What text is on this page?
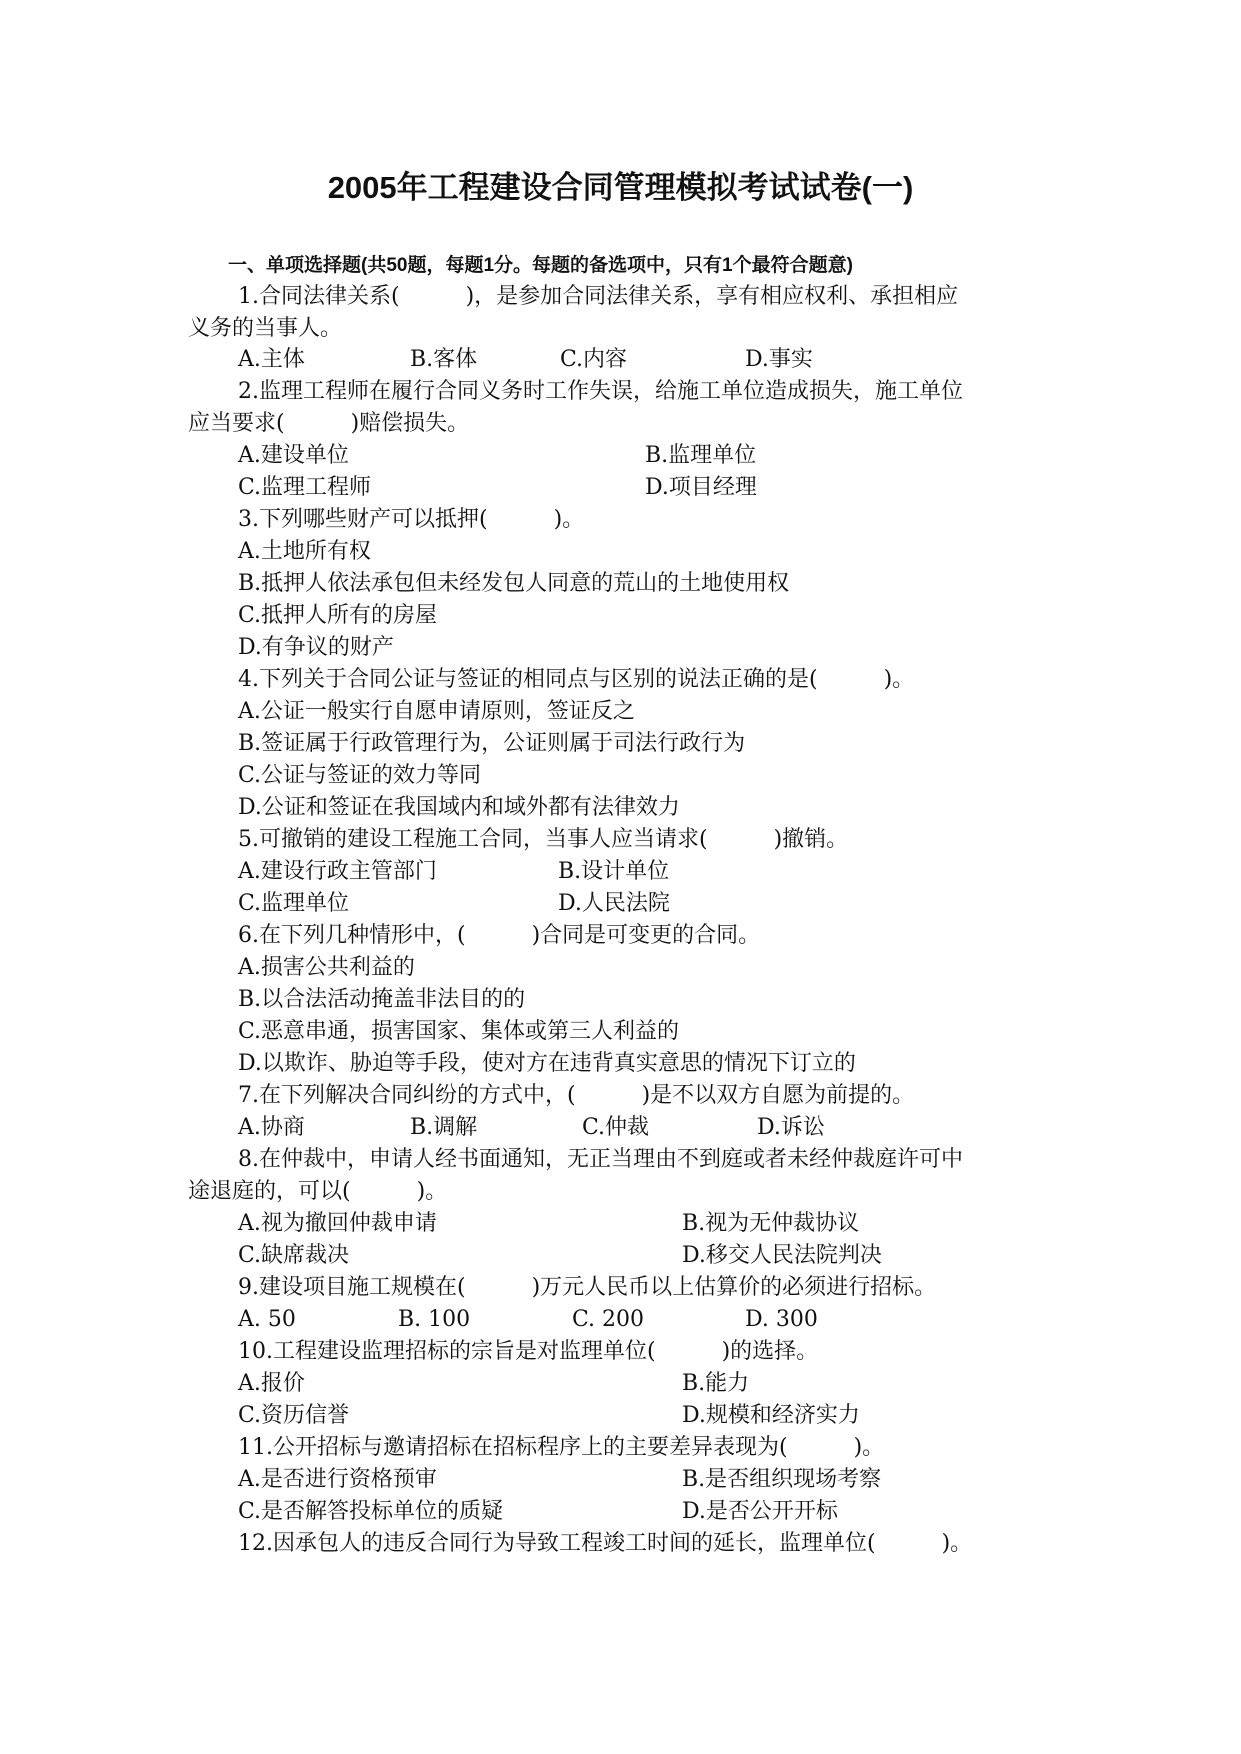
2005年工程建设合同管理模拟考试试卷(一)
一、单项选择题(共50题，每题1分。每题的备选项中，只有1个最符合题意)
1.合同法律关系(　　　)，是参加合同法律关系，享有相应权利、承担相应
义务的当事人。
A.主体	B.客体	C.内容	D.事实
2.监理工程师在履行合同义务时工作失误，给施工单位造成损失，施工单位
应当要求(　　　)赔偿损失。
A.建设单位	B.监理单位
C.监理工程师	D.项目经理
3.下列哪些财产可以抵押(　　　)。
A.土地所有权
B.抵押人依法承包但未经发包人同意的荒山的土地使用权
C.抵押人所有的房屋
D.有争议的财产
4.下列关于合同公证与签证的相同点与区别的说法正确的是(　　　)。
A.公证一般实行自愿申请原则，签证反之
B.签证属于行政管理行为，公证则属于司法行政行为
C.公证与签证的效力等同
D.公证和签证在我国域内和域外都有法律效力
5.可撤销的建设工程施工合同，当事人应当请求(　　　)撤销。
A.建设行政主管部门	B.设计单位
C.监理单位	D.人民法院
6.在下列几种情形中，(　　　)合同是可变更的合同。
A.损害公共利益的
B.以合法活动掩盖非法目的的
C.恶意串通，损害国家、集体或第三人利益的
D.以欺诈、胁迫等手段，使对方在违背真实意思的情况下订立的
7.在下列解决合同纠纷的方式中，(　　　)是不以双方自愿为前提的。
A.协商	B.调解	C.仲裁	D.诉讼
8.在仲裁中，申请人经书面通知，无正当理由不到庭或者未经仲裁庭许可中
途退庭的，可以(　　　)。
A.视为撤回仲裁申请	B.视为无仲裁协议
C.缺席裁决	D.移交人民法院判决
9.建设项目施工规模在(　　　)万元人民币以上估算价的必须进行招标。
A. 50	B. 100	C. 200	D. 300
10.工程建设监理招标的宗旨是对监理单位(　　　)的选择。
A.报价	B.能力
C.资历信誉	D.规模和经济实力
11.公开招标与邀请招标在招标程序上的主要差异表现为(　　　)。
A.是否进行资格预审	B.是否组织现场考察
C.是否解答投标单位的质疑	D.是否公开开标
12.因承包人的违反合同行为导致工程竣工时间的延长，监理单位(　　　)。
